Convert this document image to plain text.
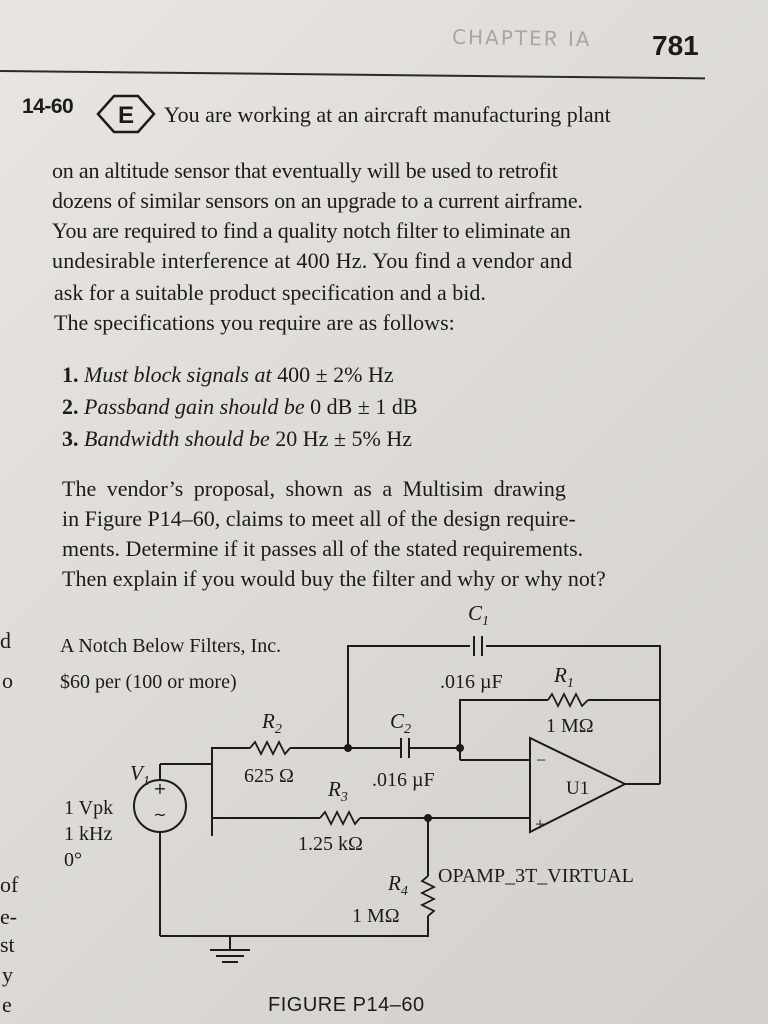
AI ЯƎTꟼAHϽ 781
14-60 E You are working at an aircraft manufacturing plant
on an altitude sensor that eventually will be used to retrofit
dozens of similar sensors on an upgrade to a current airframe.
You are required to find a quality notch filter to eliminate an
undesirable interference at 400 Hz. You find a vendor and
ask for a suitable product specification and a bid.
The specifications you require are as follows:
1. Must block signals at 400 ± 2% Hz
2. Passband gain should be 0 dB ± 1 dB
3. Bandwidth should be 20 Hz ± 5% Hz
The vendor’s proposal, shown as a Multisim drawing
in Figure P14–60, claims to meet all of the design require-
ments. Determine if it passes all of the stated requirements.
Then explain if you would buy the filter and why or why not?
d
o
of
e-
st
y
e
+
~
−
+
U1
OPAMP_3T_VIRTUAL
A Notch Below Filters, Inc.
$60 per (100 or more)
$C_1$
.016 µF $R_1$
1 MΩ
$R_2$
625 Ω
$C_2$
.016 µF
$R_3$
1.25 kΩ
$R_4$
1 MΩ
$V_1$
1 Vpk
1 kHz
0°
FIGURE P14–60
